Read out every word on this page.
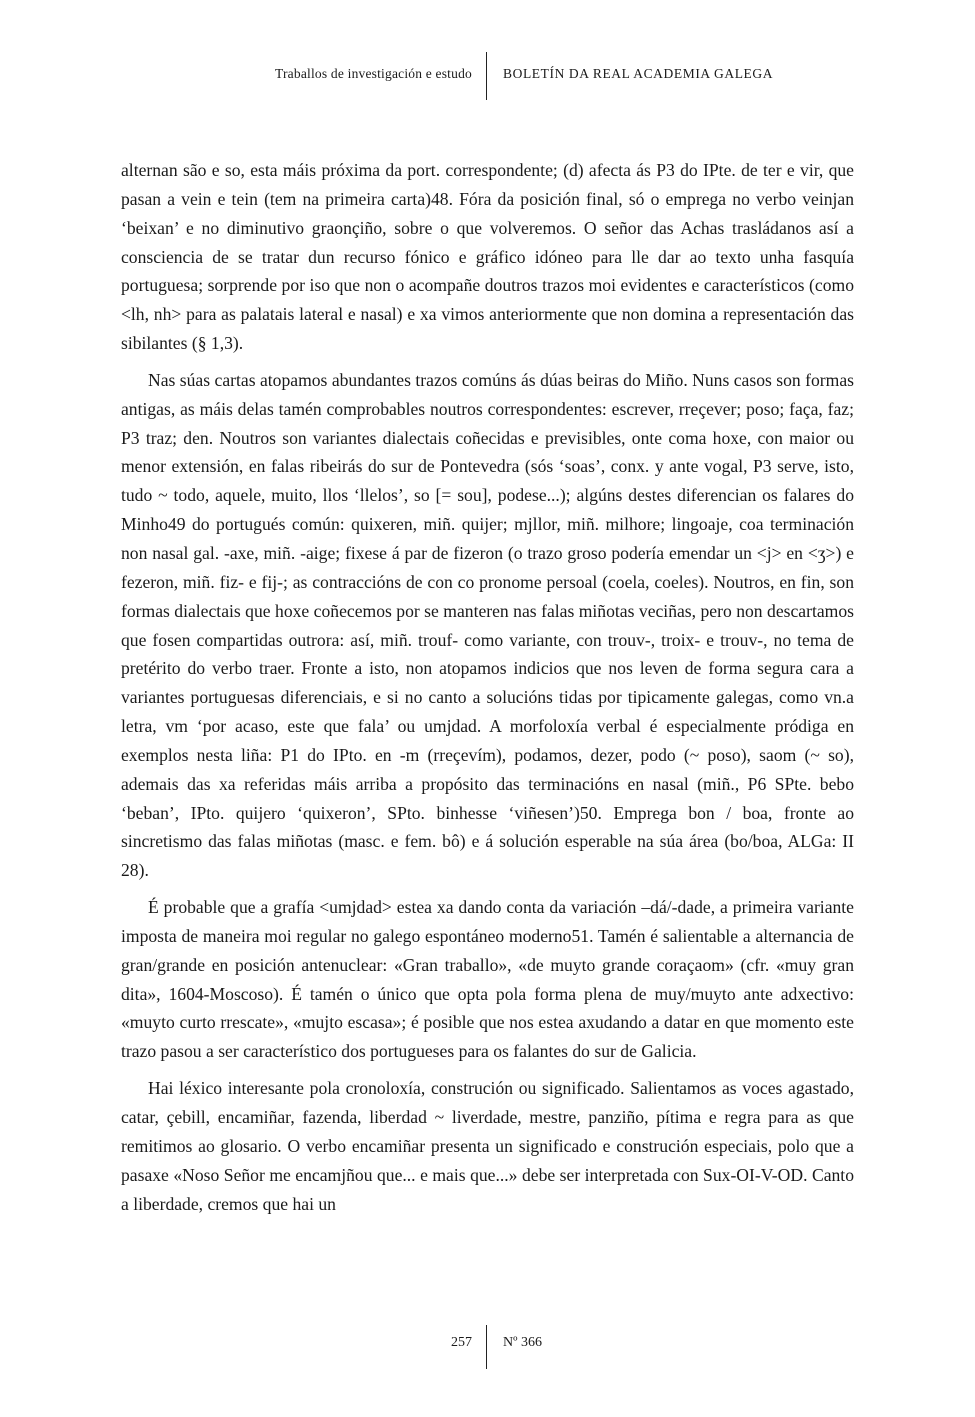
Traballos de investigación e estudo BOLETÍN DA REAL ACADEMIA GALEGA

alternan são e so, esta máis próxima da port. correspondente; (d) afecta ás P3 do IPte. de ter e vir, que pasan a vein e tein (tem na primeira carta)48. Fóra da posición final, só o emprega no verbo veinjan ‘beixan’ e no diminutivo graonçiño, sobre o que volveremos. O señor das Achas trasládanos así a consciencia de se tratar dun recurso fónico e gráfico idóneo para lle dar ao texto unha fasquía portuguesa; sorprende por iso que non o acompañe doutros trazos moi evidentes e característicos (como <lh, nh> para as palatais lateral e nasal) e xa vimos anteriormente que non domina a representación das sibilantes (§ 1,3).

Nas súas cartas atopamos abundantes trazos comúns ás dúas beiras do Miño. Nuns casos son formas antigas, as máis delas tamén comprobables noutros correspondentes: escrever, rreçever; poso; faça, faz; P3 traz; den. Noutros son variantes dialectais coñecidas e previsibles, onte coma hoxe, con maior ou menor extensión, en falas ribeirás do sur de Pontevedra (sós ‘soas’, conx. y ante vogal, P3 serve, isto, tudo ~ todo, aquele, muito, llos ‘llelos’, so [= sou], podese...); algúns destes diferencian os falares do Minho49 do portugués común: quixeren, miñ. quijer; mjllor, miñ. milhore; lingoaje, coa terminación non nasal gal. -axe, miñ. -aige; fixese á par de fizeron (o trazo groso podería emendar un <j> en <ʒ>) e fezeron, miñ. fiz- e fij-; as contraccións de con co pronome persoal (coela, coeles). Noutros, en fin, son formas dialectais que hoxe coñecemos por se manteren nas falas miñotas veciñas, pero non descartamos que fosen compartidas outrora: así, miñ. trouf- como variante, con trouv-, troix- e trouv-, no tema de pretérito do verbo traer. Fronte a isto, non atopamos indicios que nos leven de forma segura cara a variantes portuguesas diferenciais, e si no canto a solucións tidas por tipicamente galegas, como vn.a letra, vm ‘por acaso, este que fala’ ou umjdad. A morfoloxía verbal é especialmente pródiga en exemplos nesta liña: P1 do IPto. en -m (rreçevím), podamos, dezer, podo (~ poso), saom (~ so), ademais das xa referidas máis arriba a propósito das terminacións en nasal (miñ., P6 SPte. bebo ‘beban’, IPto. quijero ‘quixeron’, SPto. binhesse ‘viñesen’)50. Emprega bon / boa, fronte ao sincretismo das falas miñotas (masc. e fem. bô) e á solución esperable na súa área (bo/boa, ALGa: II 28).

É probable que a grafía <umjdad> estea xa dando conta da variación –dá/-dade, a primeira variante imposta de maneira moi regular no galego espontáneo moderno51. Tamén é salientable a alternancia de gran/grande en posición antenuclear: «Gran traballo», «de muyto grande coraçaom» (cfr. «muy gran dita», 1604-Moscoso). É tamén o único que opta pola forma plena de muy/muyto ante adxectivo: «muyto curto rrescate», «mujto escasa»; é posible que nos estea axudando a datar en que momento este trazo pasou a ser característico dos portugueses para os falantes do sur de Galicia.

Hai léxico interesante pola cronoloxía, construción ou significado. Salientamos as voces agastado, catar, çebill, encamiñar, fazenda, liberdad ~ liverdade, mestre, panziño, pítima e regra para as que remitimos ao glosario. O verbo encamiñar presenta un significado e construción especiais, polo que a pasaxe «Noso Señor me encamjñou que... e mais que...» debe ser interpretada con Sux-OI-V-OD. Canto a liberdade, cremos que hai un

257 Nº 366
